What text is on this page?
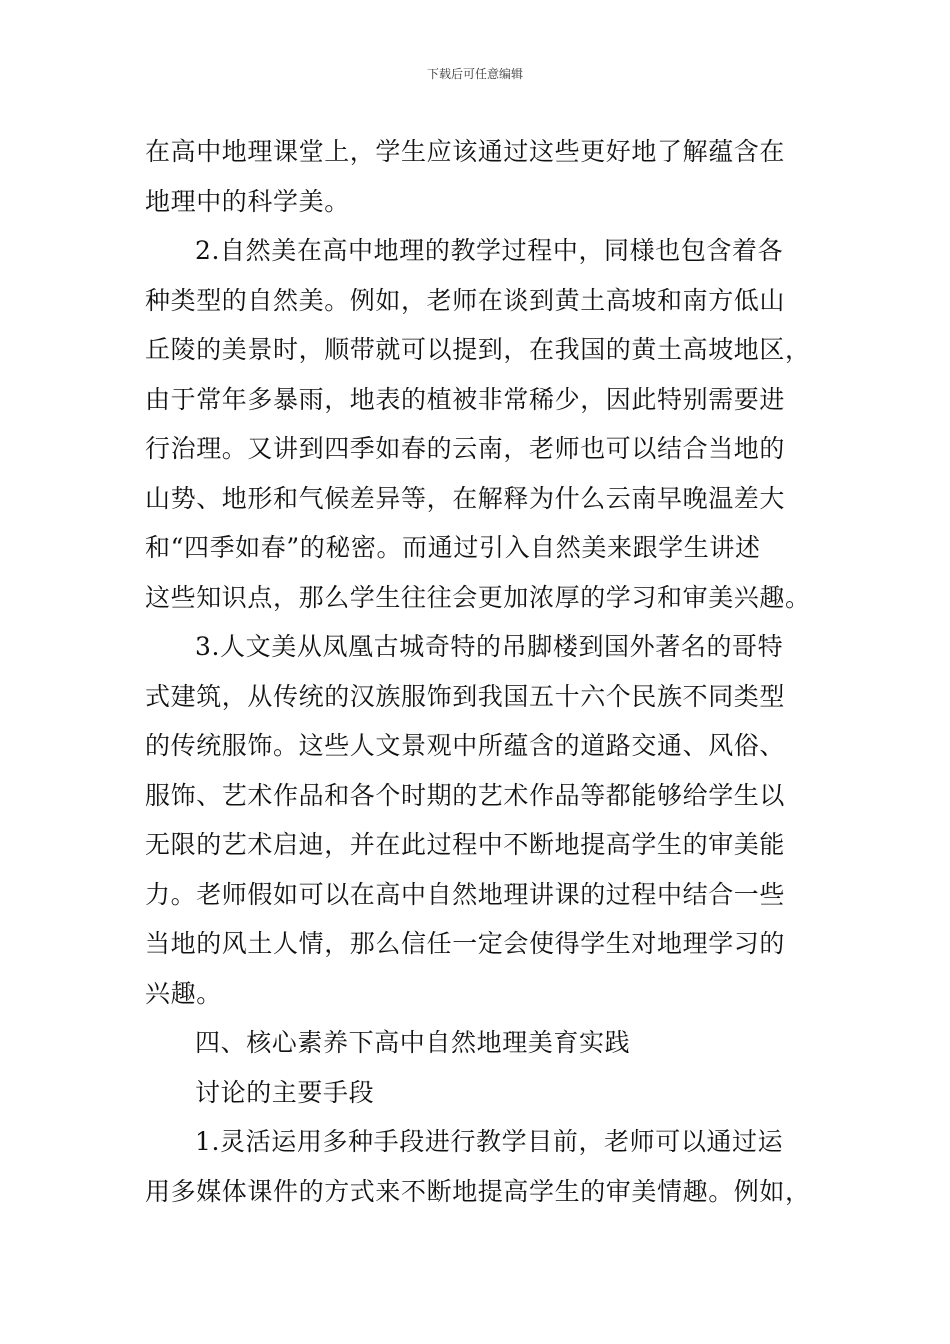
下载后可任意编辑
在高中地理课堂上，学生应该通过这些更好地了解蕴含在
地理中的科学美。
2.自然美在高中地理的教学过程中，同様也包含着各
种类型的自然美。例如，老师在谈到黄土高坡和南方低山
丘陵的美景时，顺带就可以提到，在我国的黄土高坡地区，
由于常年多暴雨，地表的植被非常稀少，因此特别需要进
行治理。又讲到四季如春的云南，老师也可以结合当地的
山势、地形和气候差异等，在解释为什么云南早晚温差大
和“四季如春”的秘密。而通过引入自然美来跟学生讲述
这些知识点，那么学生往往会更加浓厚的学习和审美兴趣。
3.人文美从凤凰古城奇特的吊脚楼到国外著名的哥特
式建筑，从传统的汉族服饰到我国五十六个民族不同类型
的传统服饰。这些人文景观中所蕴含的道路交通、风俗、
服饰、艺术作品和各个时期的艺术作品等都能够给学生以
无限的艺术启迪，并在此过程中不断地提高学生的审美能
力。老师假如可以在高中自然地理讲课的过程中结合一些
当地的风土人情，那么信任一定会使得学生对地理学习的
兴趣。
四、核心素养下高中自然地理美育实践
讨论的主要手段
1.灵活运用多种手段进行教学目前，老师可以通过运
用多媒体课件的方式来不断地提高学生的审美情趣。例如，
